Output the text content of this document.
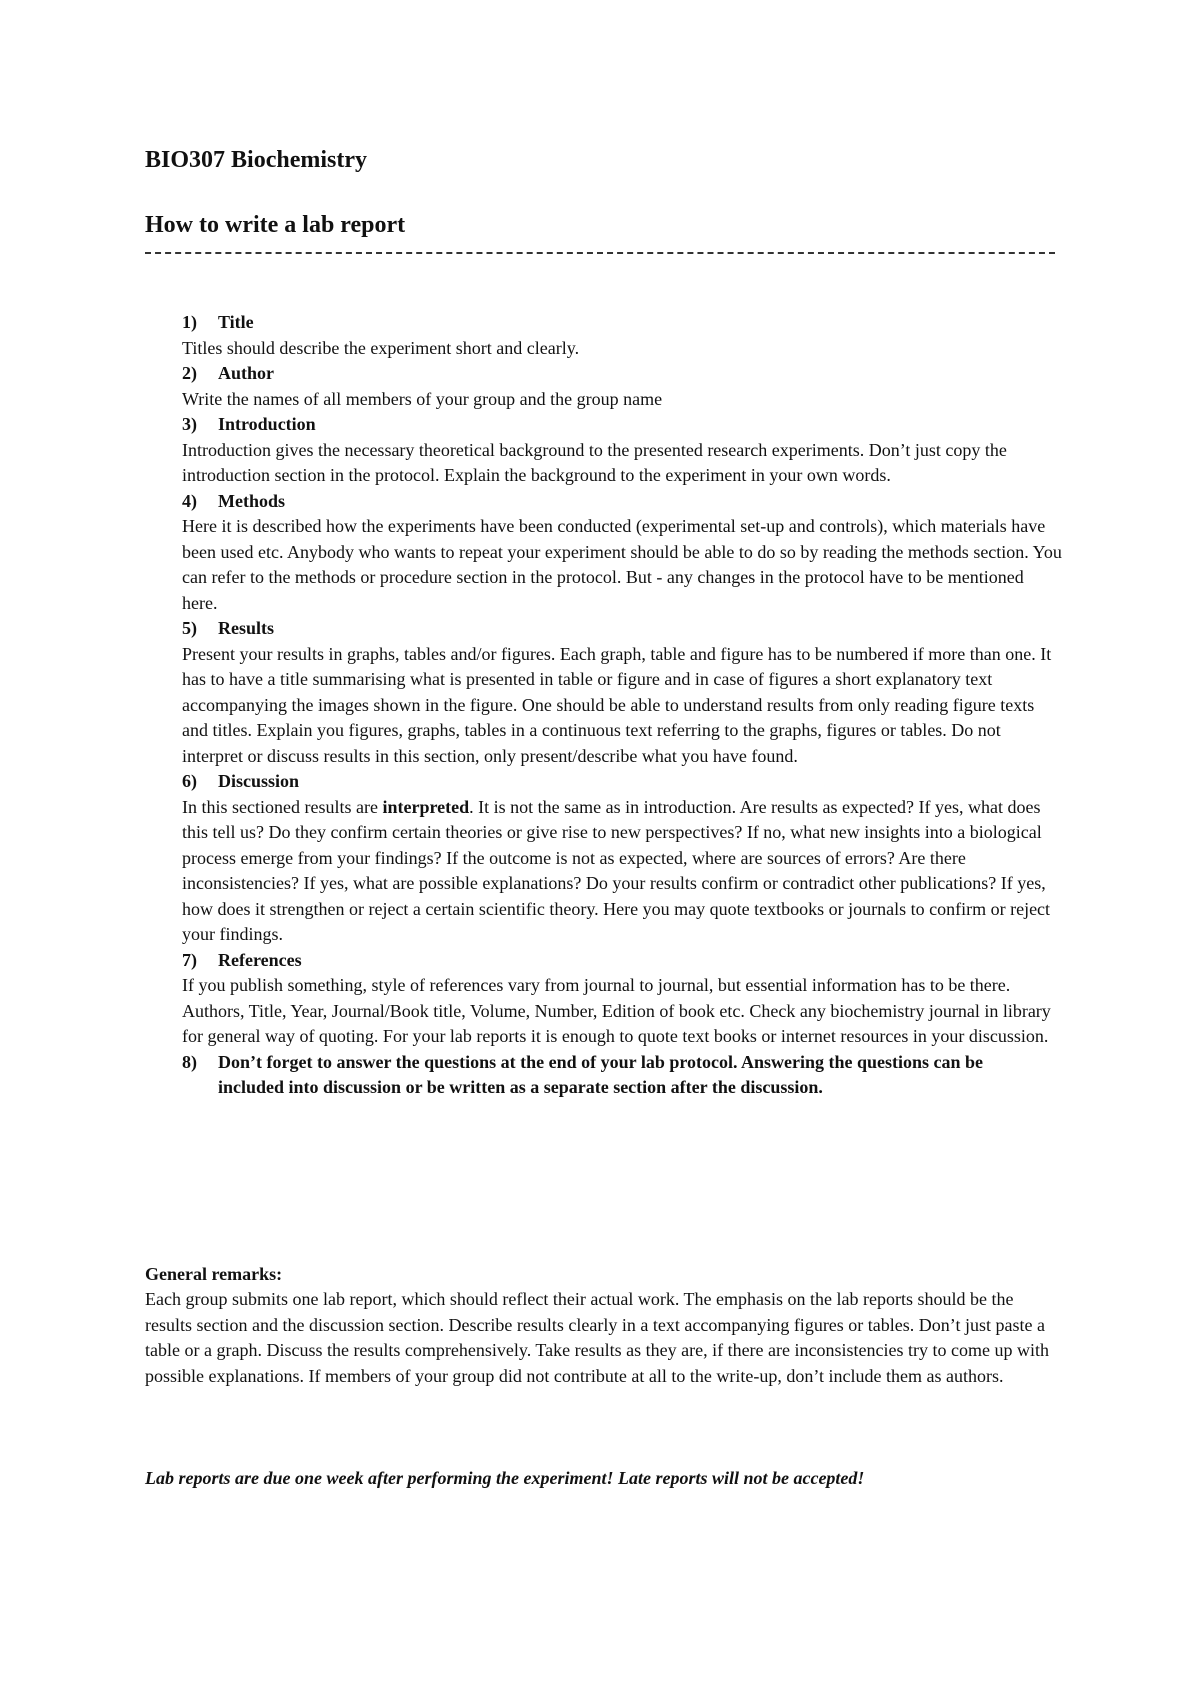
BIO307 Biochemistry
How to write a lab report
1) Title

Titles should describe the experiment short and clearly.

2) Author

Write the names of all members of your group and the group name

3) Introduction

Introduction gives the necessary theoretical background to the presented research experiments. Don’t just copy the introduction section in the protocol. Explain the background to the experiment in your own words.

4) Methods

Here it is described how the experiments have been conducted (experimental set-up and controls), which materials have been used etc. Anybody who wants to repeat your experiment should be able to do so by reading the methods section. You can refer to the methods or procedure section in the protocol. But - any changes in the protocol have to be mentioned here.

5) Results

Present your results in graphs, tables and/or figures. Each graph, table and figure has to be numbered if more than one. It has to have a title summarising what is presented in table or figure and in case of figures a short explanatory text accompanying the images shown in the figure. One should be able to understand results from only reading figure texts and titles. Explain you figures, graphs, tables in a continuous text referring to the graphs, figures or tables. Do not interpret or discuss results in this section, only present/describe what you have found.

6) Discussion

In this sectioned results are interpreted. It is not the same as in introduction. Are results as expected? If yes, what does this tell us? Do they confirm certain theories or give rise to new perspectives? If no, what new insights into a biological process emerge from your findings? If the outcome is not as expected, where are sources of errors? Are there inconsistencies? If yes, what are possible explanations? Do your results confirm or contradict other publications? If yes, how does it strengthen or reject a certain scientific theory. Here you may quote textbooks or journals to confirm or reject your findings.

7) References

If you publish something, style of references vary from journal to journal, but essential information has to be there. Authors, Title, Year, Journal/Book title, Volume, Number, Edition of book etc. Check any biochemistry journal in library for general way of quoting. For your lab reports it is enough to quote text books or internet resources in your discussion.

8)	Don’t forget to answer the questions at the end of your lab protocol. Answering the questions can be included into discussion or be written as a separate section after the discussion.
General remarks:

Each group submits one lab report, which should reflect their actual work. The emphasis on the lab reports should be the results section and the discussion section. Describe results clearly in a text accompanying figures or tables. Don’t just paste a table or a graph. Discuss the results comprehensively. Take results as they are, if there are inconsistencies try to come up with possible explanations. If members of your group did not contribute at all to the write-up, don’t include them as authors.

Lab reports are due one week after performing the experiment! Late reports will not be accepted!
